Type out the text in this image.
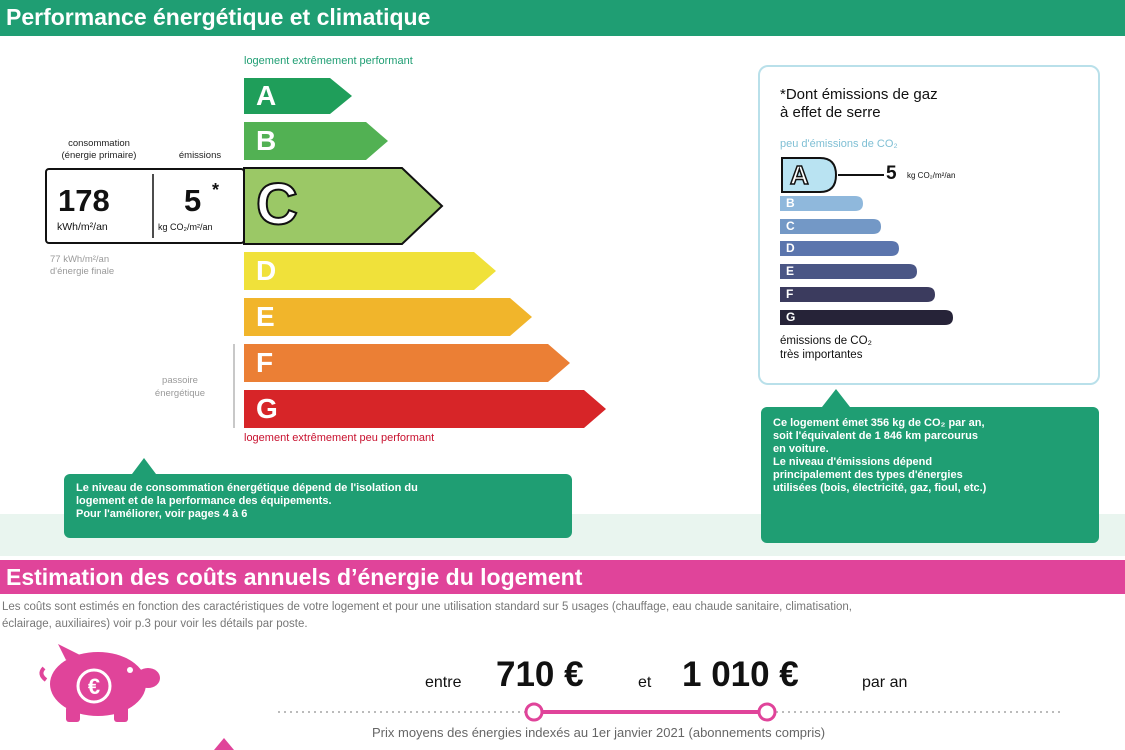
Performance énergétique et climatique
logement extrêmement performant
A
B
C
D
E
F
G
logement extrêmement peu performant
consommation
(énergie primaire)	émissions
178
kWh/m²/an
5 *
kg CO₂/m²/an
77 kWh/m²/an
d'énergie finale
passoire
énergétique
Le niveau de consommation énergétique dépend de l'isolation du
logement et de la performance des équipements.
Pour l'améliorer, voir pages 4 à 6
*Dont émissions de gaz
à effet de serre
peu d'émissions de CO₂
A	5 kg CO₂/m²/an
B
C
D
E
F
G
émissions de CO₂
très importantes
Ce logement émet 356 kg de CO₂ par an,
soit l'équivalent de 1 846 km parcourus
en voiture.
Le niveau d'émissions dépend
principalement des types d'énergies
utilisées (bois, électricité, gaz, fioul, etc.)
Estimation des coûts annuels d’énergie du logement
Les coûts sont estimés en fonction des caractéristiques de votre logement et pour une utilisation standard sur 5 usages (chauffage, eau chaude sanitaire, climatisation,
éclairage, auxiliaires) voir p.3 pour voir les détails par poste.
€	entre 710 €	et 1 010 €	par an
Prix moyens des énergies indexés au 1er janvier 2021 (abonnements compris)
